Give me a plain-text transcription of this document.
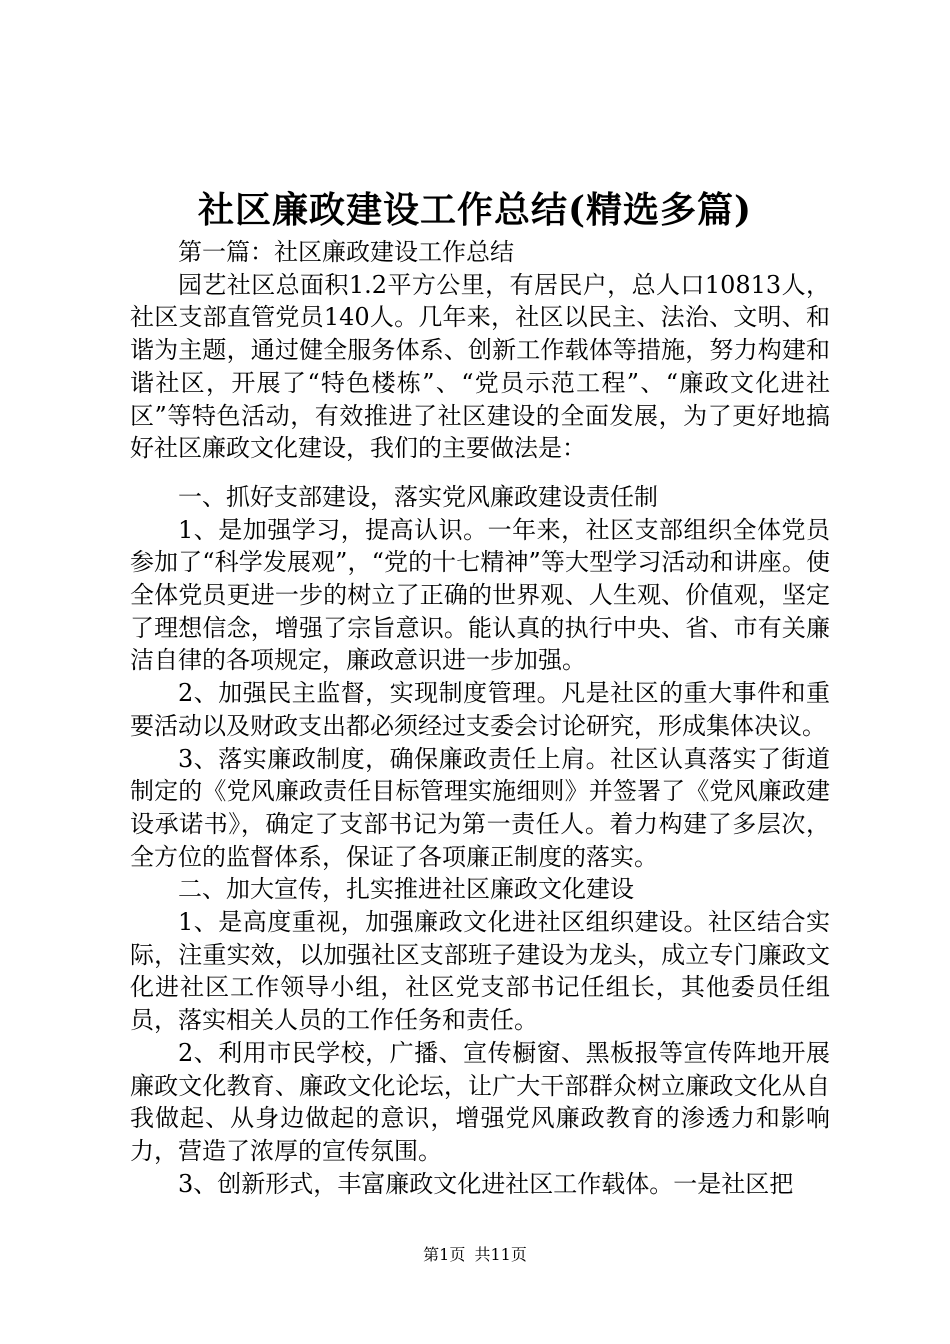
社区廉政建设工作总结(精选多篇)

第一篇：社区廉政建设工作总结

园艺社区总面积1.2平方公里，有居民户，总人口10813人，社区支部直管党员140人。几年来，社区以民主、法治、文明、和谐为主题，通过健全服务体系、创新工作载体等措施，努力构建和谐社区，开展了“特色楼栋”、“党员示范工程”、“廉政文化进社区”等特色活动，有效推进了社区建设的全面发展，为了更好地搞好社区廉政文化建设，我们的主要做法是：

一、抓好支部建设，落实党风廉政建设责任制

1、是加强学习，提高认识。一年来，社区支部组织全体党员参加了“科学发展观”，“党的十七精神”等大型学习活动和讲座。使全体党员更进一步的树立了正确的世界观、人生观、价值观，坚定了理想信念，增强了宗旨意识。能认真的执行中央、省、市有关廉洁自律的各项规定，廉政意识进一步加强。

2、加强民主监督，实现制度管理。凡是社区的重大事件和重要活动以及财政支出都必须经过支委会讨论研究，形成集体决议。

3、落实廉政制度，确保廉政责任上肩。社区认真落实了街道制定的《党风廉政责任目标管理实施细则》并签署了《党风廉政建设承诺书》，确定了支部书记为第一责任人。着力构建了多层次，全方位的监督体系，保证了各项廉正制度的落实。

二、加大宣传，扎实推进社区廉政文化建设

1、是高度重视，加强廉政文化进社区组织建设。社区结合实际，注重实效，以加强社区支部班子建设为龙头，成立专门廉政文化进社区工作领导小组，社区党支部书记任组长，其他委员任组员，落实相关人员的工作任务和责任。

2、利用市民学校，广播、宣传橱窗、黑板报等宣传阵地开展廉政文化教育、廉政文化论坛，让广大干部群众树立廉政文化从自我做起、从身边做起的意识，增强党风廉政教育的渗透力和影响力，营造了浓厚的宣传氛围。

3、创新形式，丰富廉政文化进社区工作载体。一是社区把

第1页 共11页
